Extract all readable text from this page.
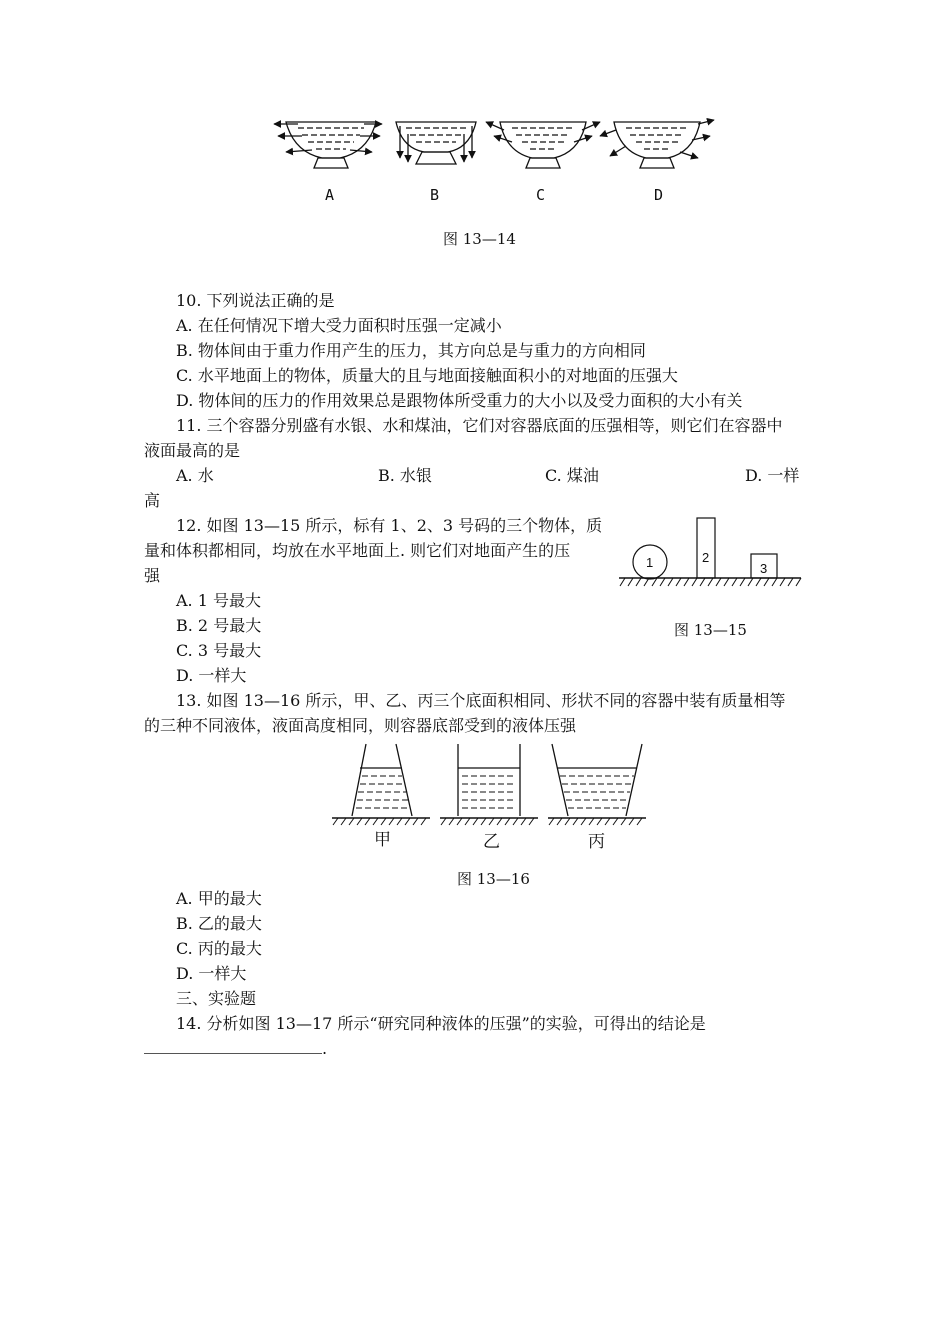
A	B	C	D
图 13—14
10. 下列说法正确的是
A. 在任何情况下增大受力面积时压强一定减小
B. 物体间由于重力作用产生的压力，其方向总是与重力的方向相同
C. 水平地面上的物体，质量大的且与地面接触面积小的对地面的压强大
D. 物体间的压力的作用效果总是跟物体所受重力的大小以及受力面积的大小有关
11. 三个容器分别盛有水银、水和煤油，它们对容器底面的压强相等，则它们在容器中
液面最高的是
A. 水	B. 水银	C. 煤油	D. 一样
高
12. 如图 13—15 所示，标有 1、2、3 号码的三个物体，质
量和体积都相同，均放在水平地面上. 则它们对地面产生的压
强
A. 1 号最大
B. 2 号最大
C. 3 号最大
D. 一样大
1	2
3
图 13—15
13. 如图 13—16 所示，甲、乙、丙三个底面积相同、形状不同的容器中装有质量相等
的三种不同液体，液面高度相同，则容器底部受到的液体压强
甲	乙	丙
图 13—16
A. 甲的最大
B. 乙的最大
C. 丙的最大
D. 一样大
三、实验题
14. 分析如图 13—17 所示“研究同种液体的压强”的实验，可得出的结论是
.
